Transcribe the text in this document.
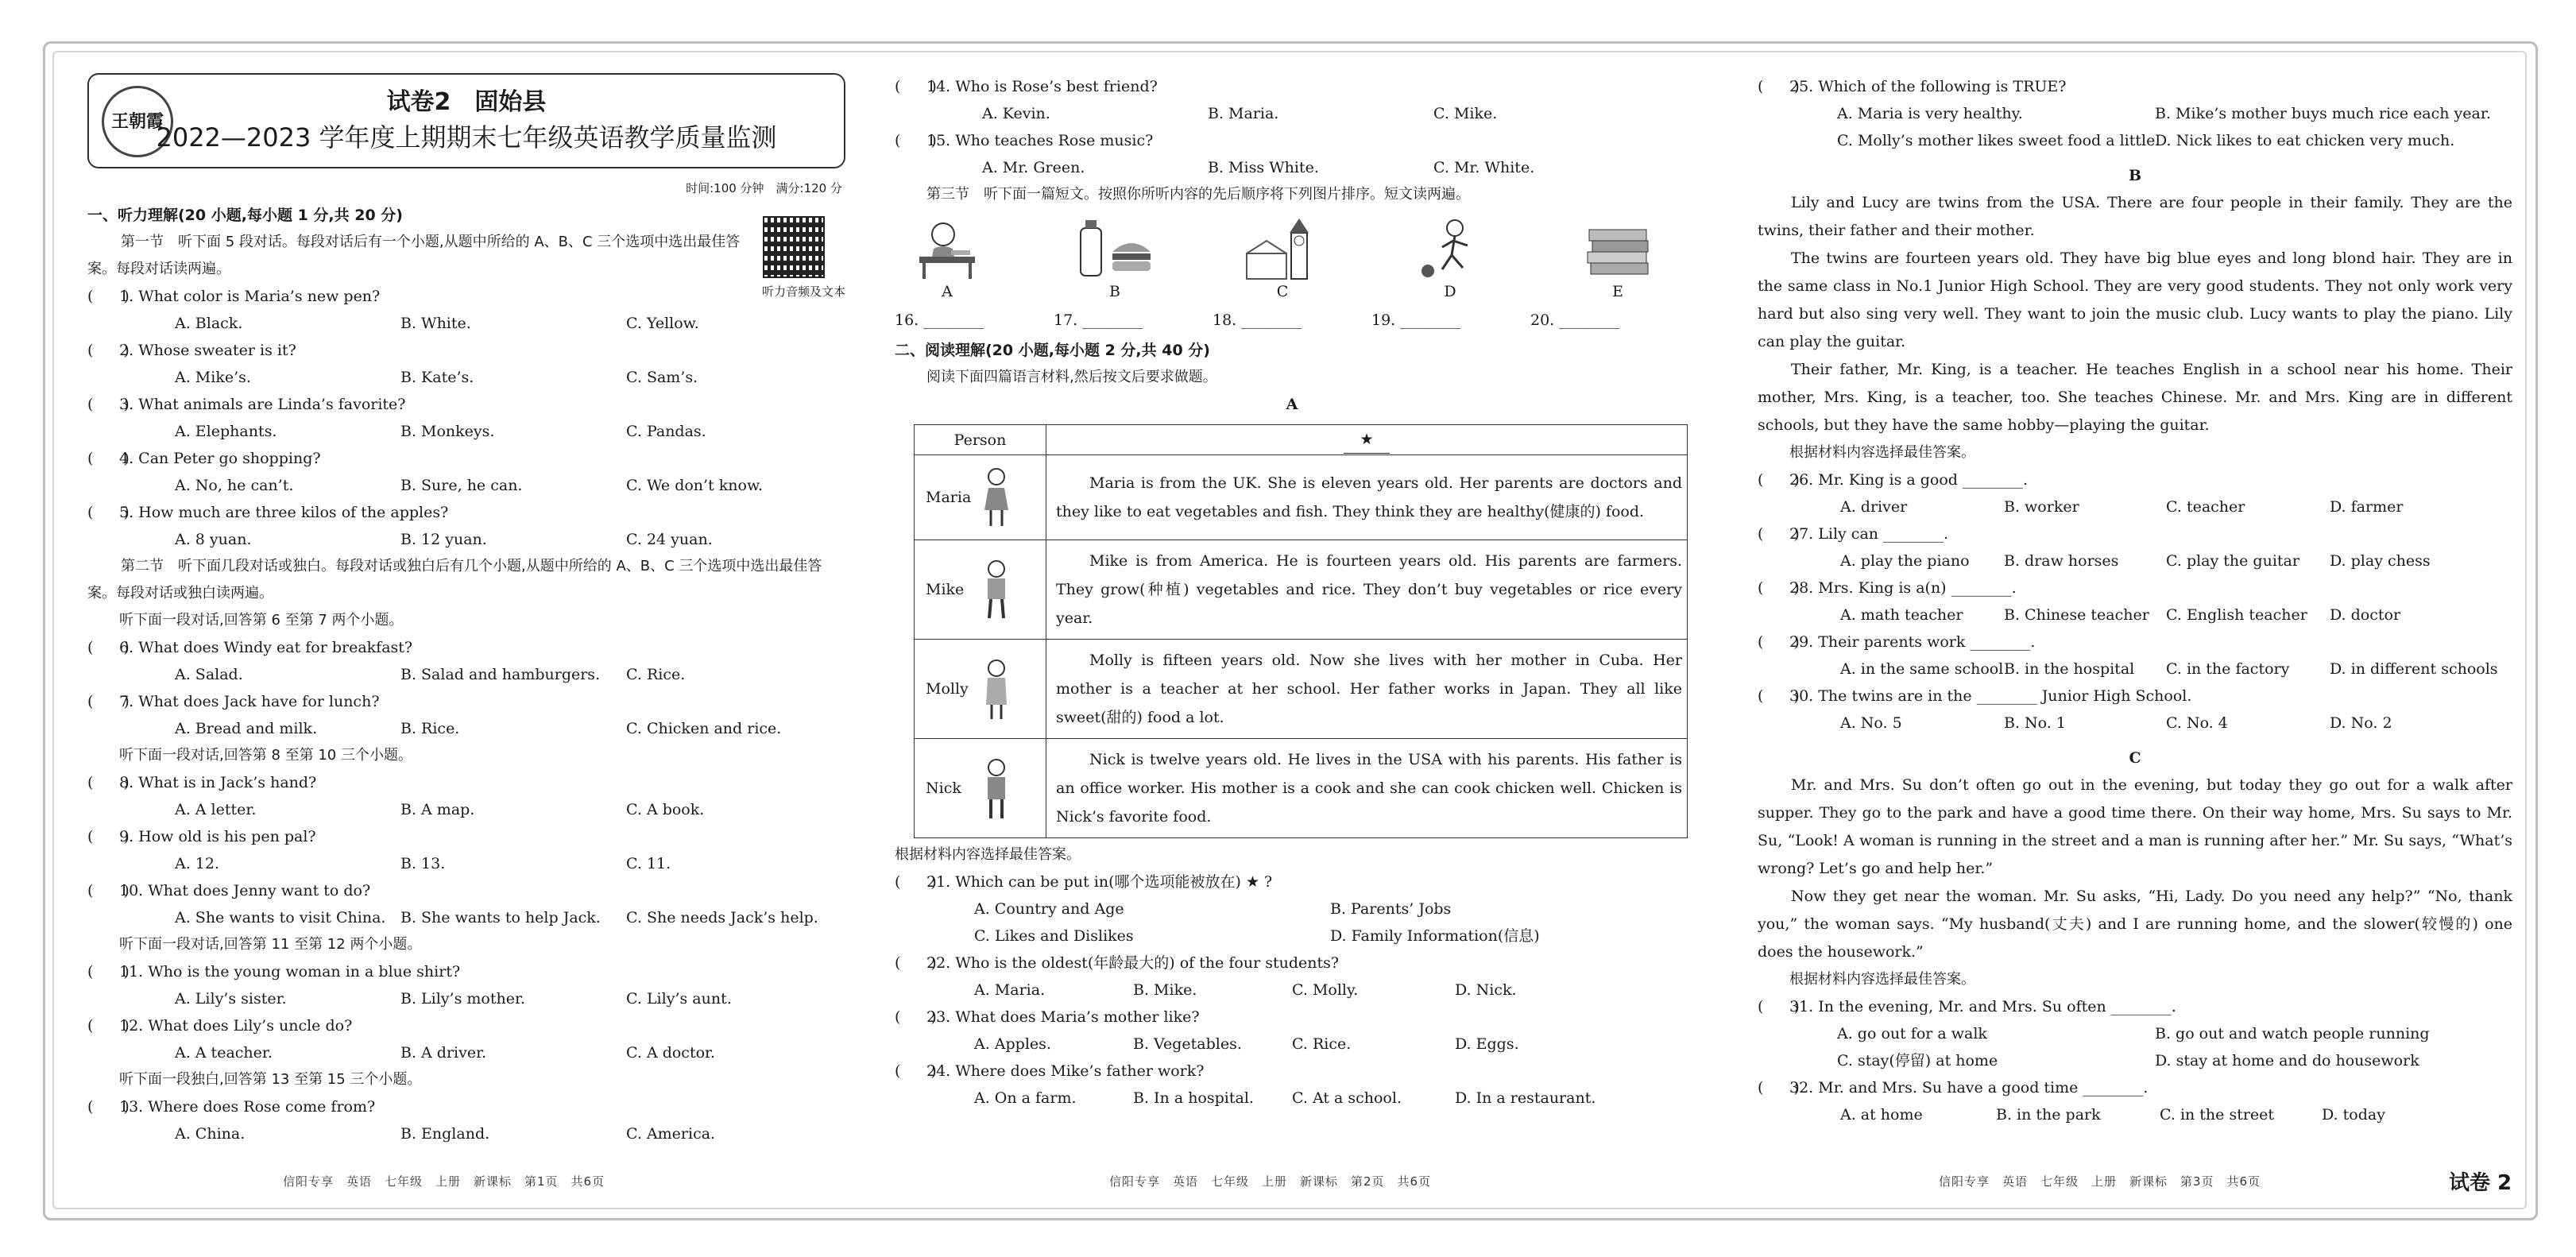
王朝霞
试卷2　固始县
2022—2023 学年度上期期末七年级英语教学质量监测
时间:100 分钟　满分:120 分
听力音频及文本
一、听力理解(20 小题,每小题 1 分,共 20 分)
第一节　听下面 5 段对话。每段对话后有一个小题,从题中所给的 A、B、C 三个选项中选出最佳答案。每段对话读两遍。
(　　)
1. What color is Maria’s new pen?
A. Black.	B. White.	C. Yellow.
(　　)
2. Whose sweater is it?
A. Mike’s.	B. Kate’s.	C. Sam’s.
(　　)
3. What animals are Linda’s favorite?
A. Elephants.	B. Monkeys.	C. Pandas.
(　　)
4. Can Peter go shopping?
A. No, he can’t.	B. Sure, he can.	C. We don’t know.
(　　)
5. How much are three kilos of the apples?
A. 8 yuan.	B. 12 yuan.	C. 24 yuan.
第二节　听下面几段对话或独白。每段对话或独白后有几个小题,从题中所给的 A、B、C 三个选项中选出最佳答案。每段对话或独白读两遍。
听下面一段对话,回答第 6 至第 7 两个小题。
(　　)
6. What does Windy eat for breakfast?
A. Salad.	B. Salad and hamburgers.	C. Rice.
(　　)
7. What does Jack have for lunch?
A. Bread and milk.	B. Rice.	C. Chicken and rice.
听下面一段对话,回答第 8 至第 10 三个小题。
(　　)
8. What is in Jack’s hand?
A. A letter.	B. A map.	C. A book.
(　　)
9. How old is his pen pal?
A. 12.	B. 13.	C. 11.
(　　)
10. What does Jenny want to do?
A. She wants to visit China. B. She wants to help Jack.	C. She needs Jack’s help.
听下面一段对话,回答第 11 至第 12 两个小题。
(　　)
11. Who is the young woman in a blue shirt?
A. Lily’s sister.	B. Lily’s mother.	C. Lily’s aunt.
(　　)
12. What does Lily’s uncle do?
A. A teacher.	B. A driver.	C. A doctor.
听下面一段独白,回答第 13 至第 15 三个小题。
(　　)
13. Where does Rose come from?
A. China.	B. England.	C. America.
(　　)
14. Who is Rose’s best friend?
A. Kevin.	B. Maria.	C. Mike.
(　　)
15. Who teaches Rose music?
A. Mr. Green.	B. Miss White.	C. Mr. White.
第三节　听下面一篇短文。按照你所听内容的先后顺序将下列图片排序。短文读两遍。
A	B	C	D	E
16. ________	17. ________	18. ________	19. ________	20. ________
二、阅读理解(20 小题,每小题 2 分,共 40 分)
阅读下面四篇语言材料,然后按文后要求做题。
A
Person	★
Maria	Maria is from the UK. She is eleven years old. Her parents are doctors and they like to eat vegetables and fish. They think they are healthy(健康的) food.
Mike	Mike is from America. He is fourteen years old. His parents are farmers. They grow(种植) vegetables and rice. They don’t buy vegetables or rice every year.
Molly	Molly is fifteen years old. Now she lives with her mother in Cuba. Her mother is a teacher at her school. Her father works in Japan. They all like sweet(甜的) food a lot.
Nick	Nick is twelve years old. He lives in the USA with his parents. His father is an office worker. His mother is a cook and she can cook chicken well. Chicken is Nick’s favorite food.
根据材料内容选择最佳答案。
(　　)
21. Which can be put in(哪个选项能被放在) ★ ?
A. Country and Age	B. Parents’ Jobs
C. Likes and Dislikes	D. Family Information(信息)
(　　)
22. Who is the oldest(年龄最大的) of the four students?
A. Maria.	B. Mike.	C. Molly.	D. Nick.
(　　)
23. What does Maria’s mother like?
A. Apples.	B. Vegetables.	C. Rice.	D. Eggs.
(　　)
24. Where does Mike’s father work?
A. On a farm.	B. In a hospital.	C. At a school.	D. In a restaurant.
(　　)
25. Which of the following is TRUE?
A. Maria is very healthy.	B. Mike’s mother buys much rice each year.
C. Molly’s mother likes sweet food a little.
D. Nick likes to eat chicken very much.
B
Lily and Lucy are twins from the USA. There are four people in their family. They are the twins, their father and their mother.
The twins are fourteen years old. They have big blue eyes and long blond hair. They are in the same class in No.1 Junior High School. They are very good students. They not only work very hard but also sing very well. They want to join the music club. Lucy wants to play the piano. Lily can play the guitar.
Their father, Mr. King, is a teacher. He teaches English in a school near his home. Their mother, Mrs. King, is a teacher, too. She teaches Chinese. Mr. and Mrs. King are in different schools, but they have the same hobby—playing the guitar.
根据材料内容选择最佳答案。
(　　)
26. Mr. King is a good ________.
A. driver	B. worker	C. teacher	D. farmer
(　　)
27. Lily can ________.
A. play the piano	B. draw horses	C. play the guitar	D. play chess
(　　)
28. Mrs. King is a(n) ________.
A. math teacher	B. Chinese teacher	C. English teacher	D. doctor
(　　)
29. Their parents work ________.
A. in the same school B. in the hospital	C. in the factory	D. in different schools
(　　)
30. The twins are in the ________ Junior High School.
A. No. 5	B. No. 1	C. No. 4	D. No. 2
C
Mr. and Mrs. Su don’t often go out in the evening, but today they go out for a walk after supper. They go to the park and have a good time there. On their way home, Mrs. Su says to Mr. Su, “Look! A woman is running in the street and a man is running after her.” Mr. Su says, “What’s wrong? Let’s go and help her.”
Now they get near the woman. Mr. Su asks, “Hi, Lady. Do you need any help?” “No, thank you,” the woman says. “My husband(丈夫) and I are running home, and the slower(较慢的) one does the housework.”
根据材料内容选择最佳答案。
(　　)
31. In the evening, Mr. and Mrs. Su often ________.
A. go out for a walk	B. go out and watch people running
C. stay(停留) at home	D. stay at home and do housework
(　　)
32. Mr. and Mrs. Su have a good time ________.
A. at home	B. in the park	C. in the street	D. today
信阳专享　英语　七年级　上册　新课标　第1页　共6页	信阳专享　英语　七年级　上册　新课标　第2页　共6页	信阳专享　英语　七年级　上册　新课标　第3页　共6页	试卷 2
